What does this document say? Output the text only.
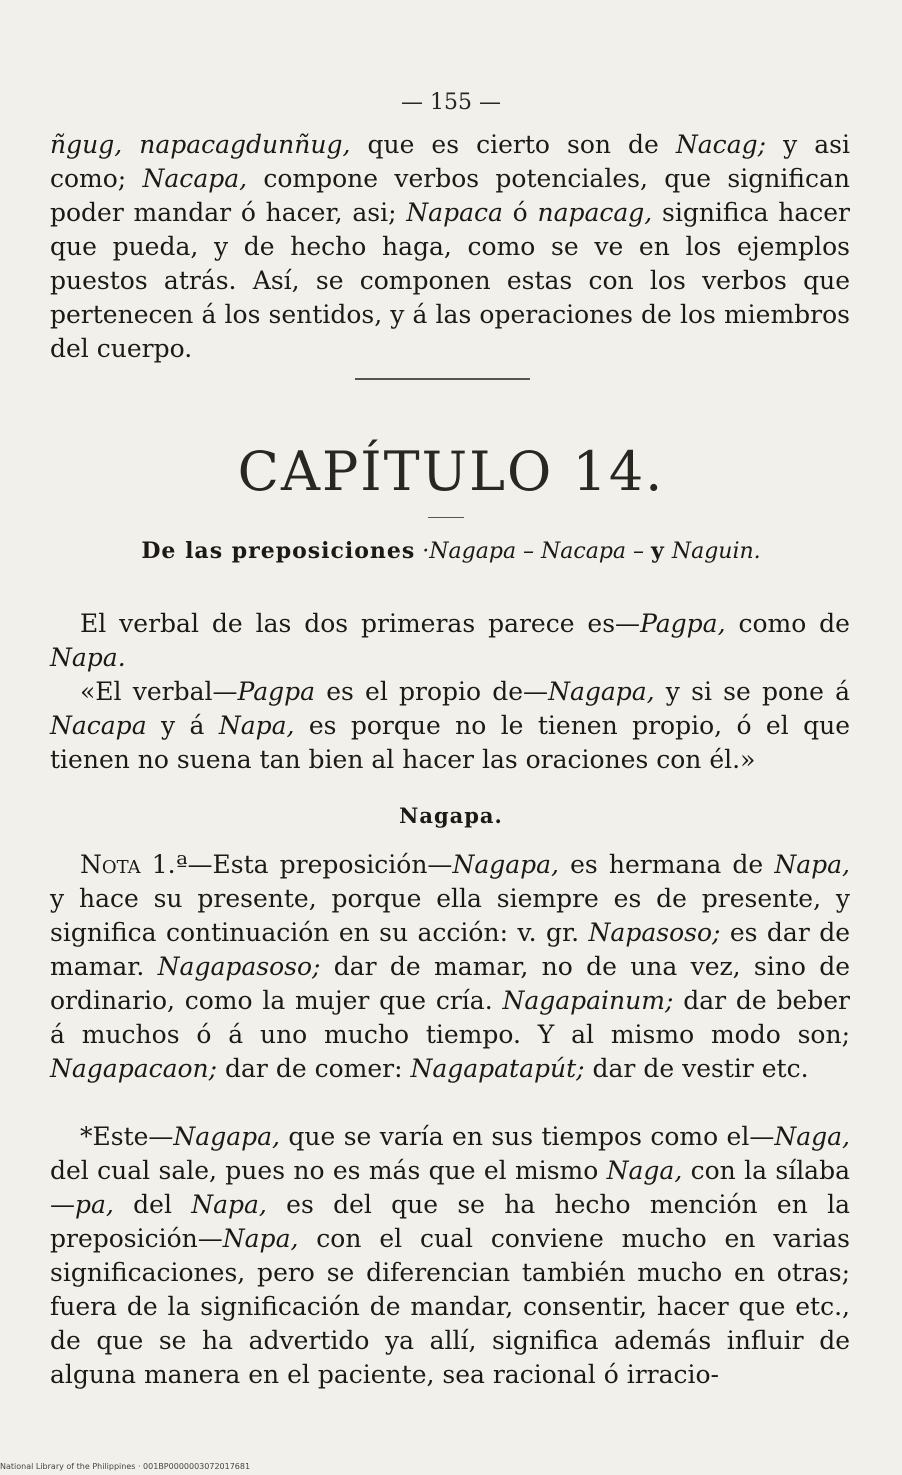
— 155 —

ñgug, napacagdunñug, que es cierto son de Nacag; y asi como; Nacapa, compone verbos potenciales, que significan poder mandar ó hacer, asi; Napaca ó napacag, significa hacer que pueda, y de hecho haga, como se ve en los ejemplos puestos atrás. Así, se componen estas con los verbos que pertenecen á los sentidos, y á las operaciones de los miembros del cuerpo.

CAPÍTULO 14.
De las preposiciones ·Nagapa – Nacapa – y Naguin.

El verbal de las dos primeras parece es—Pagpa, como de Napa.

«El verbal—Pagpa es el propio de—Nagapa, y si se pone á Nacapa y á Napa, es porque no le tienen propio, ó el que tienen no suena tan bien al hacer las oraciones con él.»

Nagapa.

Nota 1.ª—Esta preposición—Nagapa, es hermana de Napa, y hace su presente, porque ella siempre es de presente, y significa continuación en su acción: v. gr. Napasoso; es dar de mamar. Nagapasoso; dar de mamar, no de una vez, sino de ordinario, como la mujer que cría. Nagapainum; dar de beber á muchos ó á uno mucho tiempo. Y al mismo modo son; Nagapacaon; dar de comer: Nagapatapút; dar de vestir etc.

*Este—Nagapa, que se varía en sus tiempos como el—Naga, del cual sale, pues no es más que el mismo Naga, con la sílaba—pa, del Napa, es del que se ha hecho mención en la preposición—Napa, con el cual conviene mucho en varias significaciones, pero se diferencian también mucho en otras; fuera de la significación de mandar, consentir, hacer que etc., de que se ha advertido ya allí, significa además influir de alguna manera en el paciente, sea racional ó irracio-

National Library of the Philippines · 001BP0000003072017681
